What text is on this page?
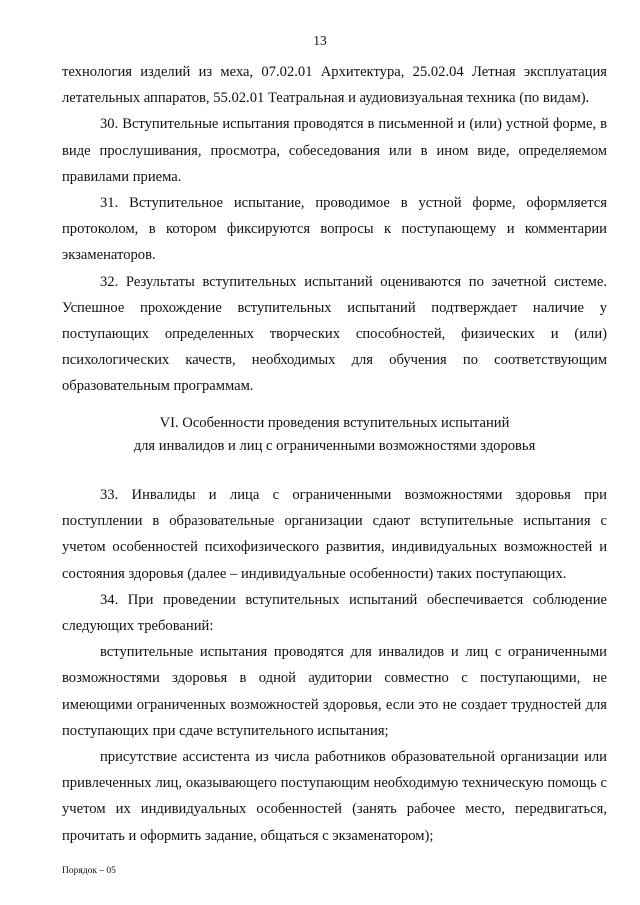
13

технология изделий из меха, 07.02.01 Архитектура, 25.02.04 Летная эксплуатация летательных аппаратов, 55.02.01 Театральная и аудиовизуальная техника (по видам).

30. Вступительные испытания проводятся в письменной и (или) устной форме, в виде прослушивания, просмотра, собеседования или в ином виде, определяемом правилами приема.

31. Вступительное испытание, проводимое в устной форме, оформляется протоколом, в котором фиксируются вопросы к поступающему и комментарии экзаменаторов.

32. Результаты вступительных испытаний оцениваются по зачетной системе. Успешное прохождение вступительных испытаний подтверждает наличие у поступающих определенных творческих способностей, физических и (или) психологических качеств, необходимых для обучения по соответствующим образовательным программам.

VI. Особенности проведения вступительных испытаний
для инвалидов и лиц с ограниченными возможностями здоровья

33. Инвалиды и лица с ограниченными возможностями здоровья при поступлении в образовательные организации сдают вступительные испытания с учетом особенностей психофизического развития, индивидуальных возможностей и состояния здоровья (далее – индивидуальные особенности) таких поступающих.

34. При проведении вступительных испытаний обеспечивается соблюдение следующих требований:

вступительные испытания проводятся для инвалидов и лиц с ограниченными возможностями здоровья в одной аудитории совместно с поступающими, не имеющими ограниченных возможностей здоровья, если это не создает трудностей для поступающих при сдаче вступительного испытания;

присутствие ассистента из числа работников образовательной организации или привлеченных лиц, оказывающего поступающим необходимую техническую помощь с учетом их индивидуальных особенностей (занять рабочее место, передвигаться, прочитать и оформить задание, общаться с экзаменатором);

Порядок – 05
